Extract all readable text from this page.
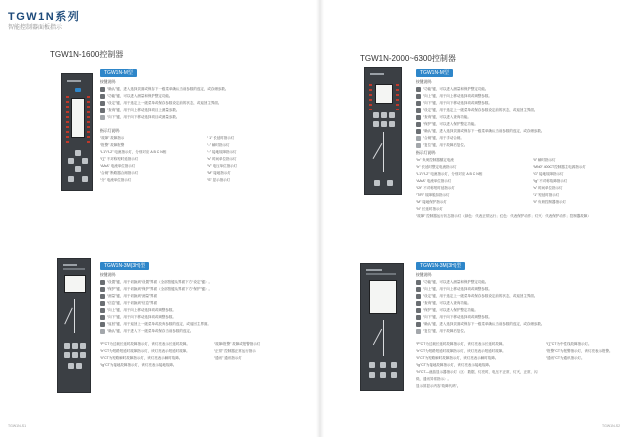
TGW1N系列
智能控制器面板指示
TGW1N-1600控制器
TGW1N-M型
按键说明:
“确认”键，进入选择页面或保存下一级菜单确认当前参数的选定，或存储参数。
“功能”键，可以进入测量和保护整定功能。
“设定”键，用于选定上一级菜单或保存参数设定前的状态，或返回主界面。
“查询”键，用于向上移动选择项目上测量参数。
“向下”键，用于向下移动选择项目或测量参数。
指示灯说明:
“故障” 故障指示
“报警” 故障报警
“L1”/“L2” 电流指示灯，分别对应 A B C N相
“I∑” 不对称短时延指示灯
“A/kA” 电流单位指示灯
“合闸” 断路器合闸指示灯
“分” 电流单位指示灯
“ 1” 长延时指示灯
“↓” 瞬时指示灯
“↑” 接地故障指示灯
“s” 时间单位指示灯
“V” 电压单位指示灯
“M” 接地指示灯
“S” 显示指示灯
TGW1N-3M(3H)型
按键说明:
“设置”键，用于切换到“设置”界面（全部按键从界面下方“设定”键）。
“保护”键，用于切换到“保护”界面（全部按键从界面下方“保护”键）。
“测量”键，用于切换到“测量”界面
“信息”键，用于切换到“信息”界面
“向上”键，用于向上移动选择项或调整参数。
“向下”键，用于向下移动选择项或调整参数。
“返回”键，用于返回上一级菜单或放弃参数的选定，或返回主界面。
“确认”键，用于进入下一级菜单或保存当前参数的选定。
“P”CT为过载长延时故障指示灯，该灯亮表示长延时故障。
“Ir”CT为短路短延时故障指示灯，该灯亮表示短延时故障。
“Ii”CT为短路瞬时故障指示灯，该灯亮表示瞬时故障。
“Ig”CT为接地故障指示灯，该灯亮表示接地故障。
“故障/报警” 故障或报警指示灯
“正常” 控制器正常运行指示
“通讯” 通讯指示灯
TGW1N-S1
TGW1N-2000~6300控制器
TGW1N-M型
按键说明:
“功能”键，可以进入测量和保护整定功能。
“向上”键，用于向上移动选择项或调整参数。
“向下”键，用于向下移动选择项或调整参数。
“设定”键，用于选定上一级菜单或保存参数设定前的状态，或返回主界面。
“查询”键，可以进入查询功能。
“保护”键，可以进入保护整定功能。
“确认”键，进入选择页面或保存下一级菜单确认当前参数的选定，或存储参数。
“合闸”键，用于手动合闸。
“复位”键，用于故障后复位。
指示灯说明:
“In” 负荷控制器额定电流
“Ir” 长延时整定电流指示灯
“L1”/“L2” 电流指示灯，分别对应 A B C N相
“A/kA” 电流单位指示灯
“I2t” 不对称短时延指示灯
“T/R” 故障脱扣指示灯
“M” 接地保护指示灯
“N” 长延时指示灯
“Ii” 瞬时指示灯
“MN0” 400CT控制器主电源指示灯
“G” 接地故障指示灯
“Ig” 不对称故障指示灯
“s” 时间单位指示灯
“1” 短延时指示灯
“Ii” 负荷控制器指示灯
“故障” 控制器运行状态指示灯（绿色：代表正常运行；红色：代表保护动作；灯灭：代表保护动作；控制器故障）
TGW1N-3M(3H)型
按键说明:
“功能”键，可以进入测量和保护整定功能。
“向上”键，用于向上移动选择项或调整参数。
“设定”键，用于选定上一级菜单或保存参数设定前的状态，或返回主界面。
“查询”键，可以进入查询功能。
“保护”键，可以进入保护整定功能。
“向下”键，用于向下移动选择项或调整参数。
“确认”键，进入选择页面或保存下一级菜单确认当前参数的选定，或存储参数。
“复位”键，用于故障后复位。
“P”CT为过载长延时故障指示灯，该灯亮表示长延时故障。
“Ir”CT为短路短延时故障指示灯，该灯亮表示短延时故障。
“Ii”CT为短路瞬时故障指示灯，该灯亮表示瞬时故障。
“Ig”CT为接地故障指示灯，该灯亮表示接地故障。
“N”CT—液晶显示器指示灯（区：数据，灯亮时，电压不正常，灯灭，正常，闪烁，通讯异常指示）。
显示屏显示内容“故障代码”。
“I∑”CT为中性线故障指示灯。
“报警”CT为报警指示灯，该灯亮表示报警。
“通讯”CT为通讯指示灯。
TGW1N-S2
